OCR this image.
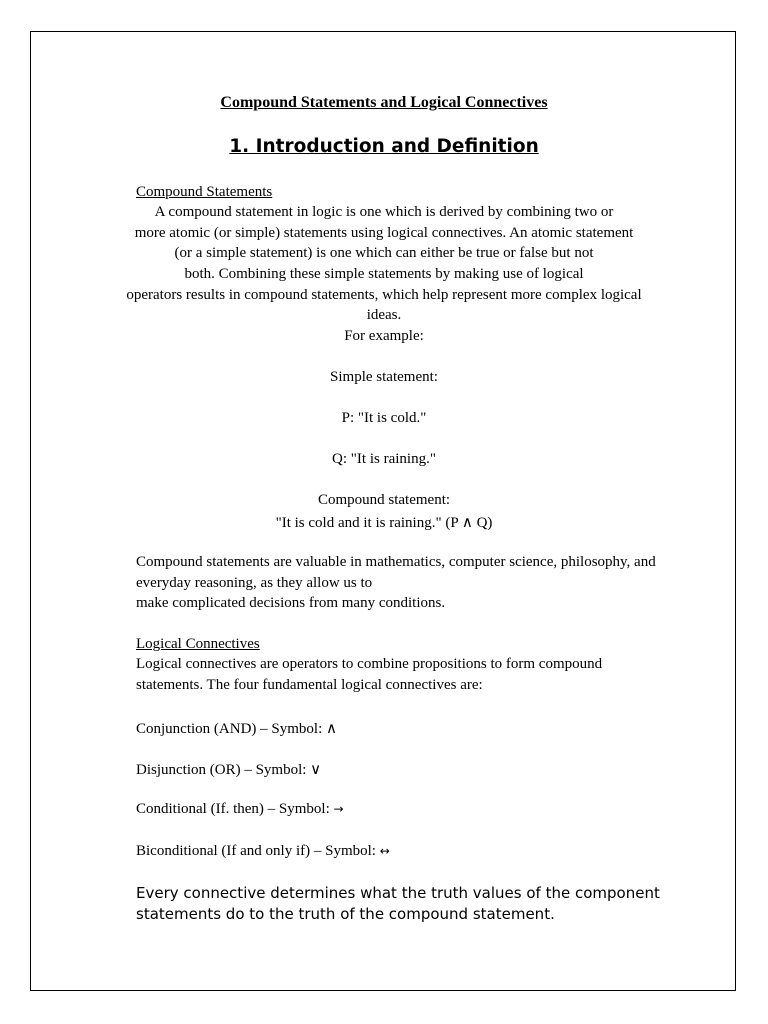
Compound Statements and Logical Connectives
1. Introduction and Definition
Compound Statements
A compound statement in logic is one which is derived by combining two or
more atomic (or simple) statements using logical connectives. An atomic statement
(or a simple statement) is one which can either be true or false but not
both. Combining these simple statements by making use of logical
operators results in compound statements, which help represent more complex logical
ideas.
For example:
Simple statement:
P: "It is cold."
Q: "It is raining."
Compound statement:
"It is cold and it is raining." (P ∧ Q)
Compound statements are valuable in mathematics, computer science, philosophy, and
everyday reasoning, as they allow us to
make complicated decisions from many conditions.
Logical Connectives
Logical connectives are operators to combine propositions to form compound
statements. The four fundamental logical connectives are:
Conjunction (AND) – Symbol: ∧
Disjunction (OR) – Symbol: ∨
Conditional (If. then) – Symbol: →
Biconditional (If and only if) – Symbol: ↔
Every connective determines what the truth values of the component
statements do to the truth of the compound statement.
